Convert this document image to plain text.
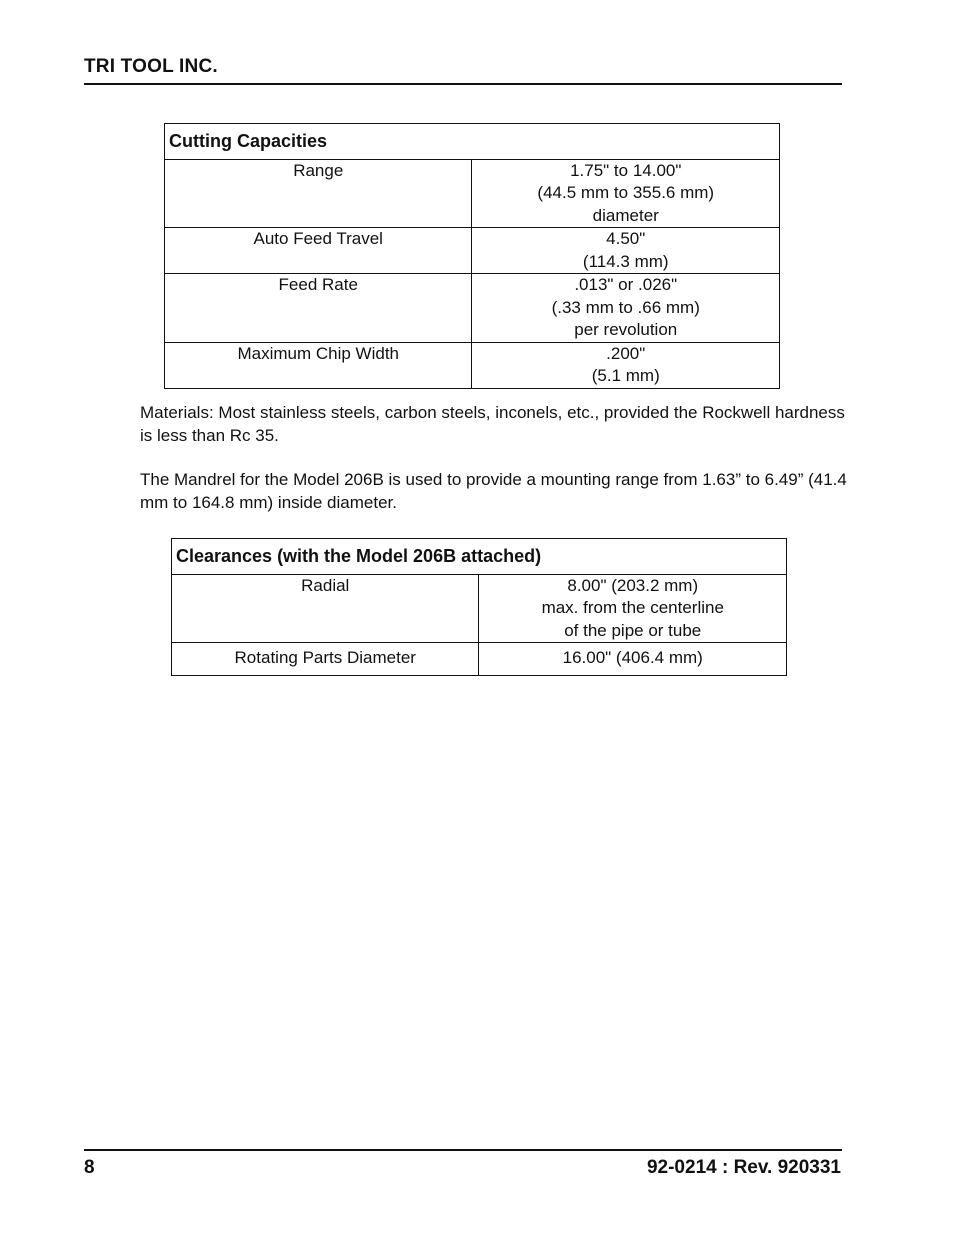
TRI TOOL INC.
Cutting Capacities	
Range	1.75" to 14.00"
(44.5 mm to 355.6 mm)
diameter

Auto Feed Travel	4.50"
(114.3 mm)

Feed Rate	.013" or .026"
(.33 mm to .66 mm)
per revolution

Maximum Chip Width	.200"
(5.1 mm)

Materials: Most stainless steels, carbon steels, inconels, etc., provided the Rockwell hardness is less than Rc 35.

The Mandrel for the Model 206B is used to provide a mounting range from 1.63” to 6.49” (41.4 mm to 164.8 mm) inside diameter.

Clearances (with the Model 206B attached)	
Radial	8.00" (203.2 mm)
max. from the centerline
of the pipe or tube

Rotating Parts Diameter	16.00" (406.4 mm)
8	92-0214 : Rev. 920331
